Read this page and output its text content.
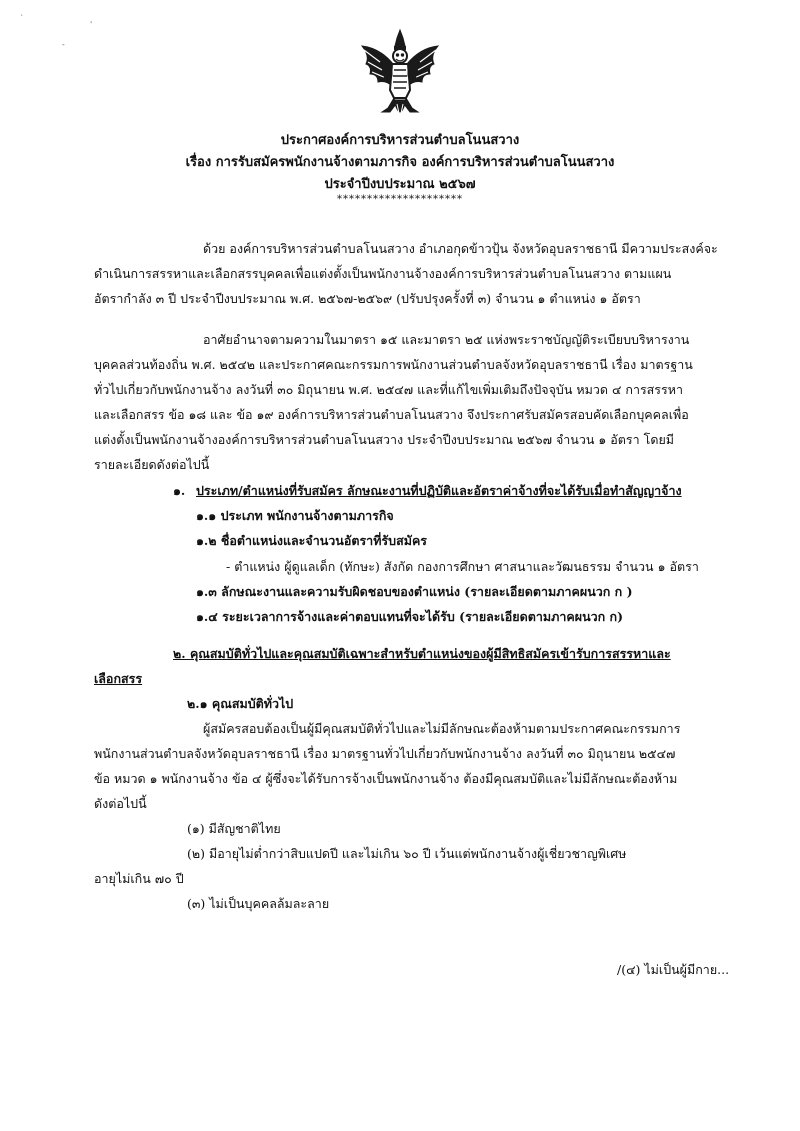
`
-
'
ประกาศองค์การบริหารส่วนตำบลโนนสวาง
เรื่อง การรับสมัครพนักงานจ้างตามภารกิจ องค์การบริหารส่วนตำบลโนนสวาง
ประจำปีงบประมาณ ๒๕๖๗
*********************
ด้วย องค์การบริหารส่วนตำบลโนนสวาง อำเภอกุดข้าวปุ้น จังหวัดอุบลราชธานี มีความประสงค์จะ
ดำเนินการสรรหาและเลือกสรรบุคคลเพื่อแต่งตั้งเป็นพนักงานจ้างองค์การบริหารส่วนตำบลโนนสวาง ตามแผน
อัตรากำลัง ๓ ปี ประจำปีงบประมาณ พ.ศ. ๒๕๖๗-๒๕๖๙ (ปรับปรุงครั้งที่ ๓) จำนวน ๑ ตำแหน่ง ๑ อัตรา
อาศัยอำนาจตามความในมาตรา ๑๕ และมาตรา ๒๕ แห่งพระราชบัญญัติระเบียบบริหารงาน
บุคคลส่วนท้องถิ่น พ.ศ. ๒๕๔๒ และประกาศคณะกรรมการพนักงานส่วนตำบลจังหวัดอุบลราชธานี เรื่อง มาตรฐาน
ทั่วไปเกี่ยวกับพนักงานจ้าง ลงวันที่ ๓๐ มิถุนายน พ.ศ. ๒๕๔๗ และที่แก้ไขเพิ่มเติมถึงปัจจุบัน หมวด ๔ การสรรหา
และเลือกสรร ข้อ ๑๘ และ ข้อ ๑๙ องค์การบริหารส่วนตำบลโนนสวาง จึงประกาศรับสมัครสอบคัดเลือกบุคคลเพื่อ
แต่งตั้งเป็นพนักงานจ้างองค์การบริหารส่วนตำบลโนนสวาง ประจำปีงบประมาณ ๒๕๖๗ จำนวน ๑ อัตรา โดยมี
รายละเอียดดังต่อไปนี้
๑. ประเภท/ตำแหน่งที่รับสมัคร ลักษณะงานที่ปฏิบัติและอัตราค่าจ้างที่จะได้รับเมื่อทำสัญญาจ้าง
๑.๑ ประเภท พนักงานจ้างตามภารกิจ
๑.๒ ชื่อตำแหน่งและจำนวนอัตราที่รับสมัคร
- ตำแหน่ง ผู้ดูแลเด็ก (ทักษะ) สังกัด กองการศึกษา ศาสนาและวัฒนธรรม จำนวน ๑ อัตรา
๑.๓ ลักษณะงานและความรับผิดชอบของตำแหน่ง (รายละเอียดตามภาคผนวก ก )
๑.๔ ระยะเวลาการจ้างและค่าตอบแทนที่จะได้รับ (รายละเอียดตามภาคผนวก ก)
๒. คุณสมบัติทั่วไปและคุณสมบัติเฉพาะสำหรับตำแหน่งของผู้มีสิทธิสมัครเข้ารับการสรรหาและ
เลือกสรร
๒.๑ คุณสมบัติทั่วไป
ผู้สมัครสอบต้องเป็นผู้มีคุณสมบัติทั่วไปและไม่มีลักษณะต้องห้ามตามประกาศคณะกรรมการ
พนักงานส่วนตำบลจังหวัดอุบลราชธานี เรื่อง มาตรฐานทั่วไปเกี่ยวกับพนักงานจ้าง ลงวันที่ ๓๐ มิถุนายน ๒๕๔๗
ข้อ หมวด ๑ พนักงานจ้าง ข้อ ๔ ผู้ซึ่งจะได้รับการจ้างเป็นพนักงานจ้าง ต้องมีคุณสมบัติและไม่มีลักษณะต้องห้าม
ดังต่อไปนี้
(๑) มีสัญชาติไทย
(๒) มีอายุไม่ต่ำกว่าสิบแปดปี และไม่เกิน ๖๐ ปี เว้นแต่พนักงานจ้างผู้เชี่ยวชาญพิเศษ
อายุไม่เกิน ๗๐ ปี
(๓) ไม่เป็นบุคคลล้มละลาย
/(๔) ไม่เป็นผู้มีกาย...
